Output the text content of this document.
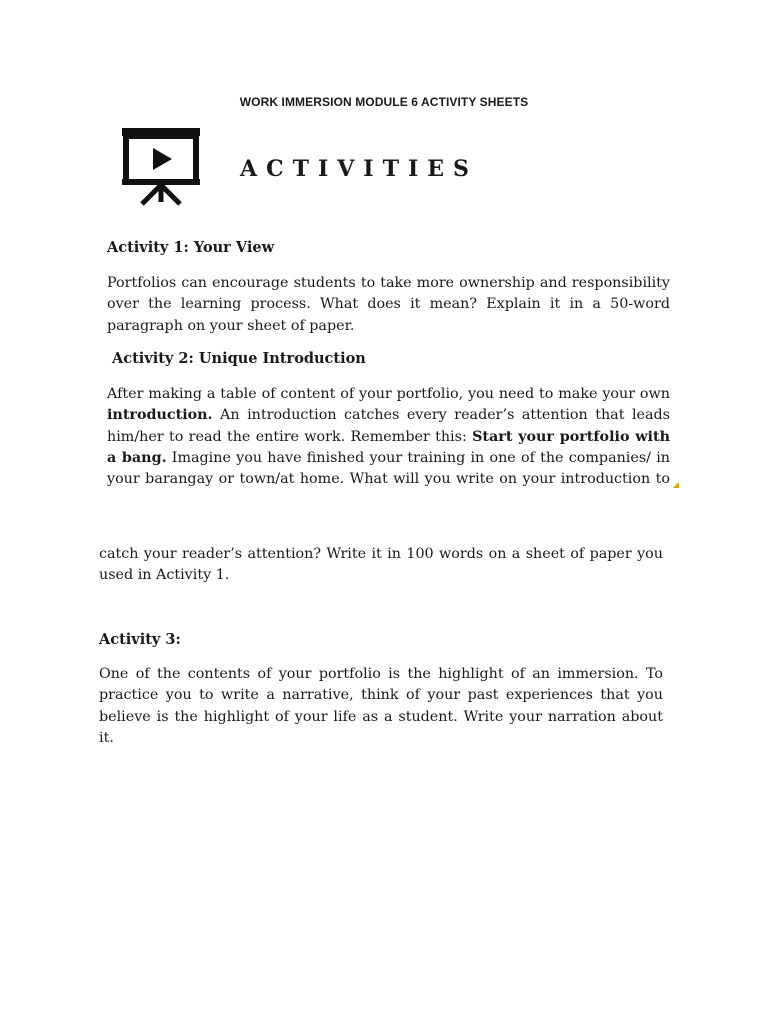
WORK IMMERSION MODULE 6 ACTIVITY SHEETS
ACTIVITIES
Activity 1: Your View
Portfolios can encourage students to take more ownership and responsibility over the learning process. What does it mean? Explain it in a 50-word paragraph on your sheet of paper.
Activity 2: Unique Introduction
After making a table of content of your portfolio, you need to make your own introduction. An introduction catches every reader’s attention that leads him/her to read the entire work. Remember this: Start your portfolio with a bang. Imagine you have finished your training in one of the companies/ in your barangay or town/at home. What will you write on your introduction to
catch your reader’s attention? Write it in 100 words on a sheet of paper you used in Activity 1.
Activity 3:
One of the contents of your portfolio is the highlight of an immersion. To practice you to write a narrative, think of your past experiences that you believe is the highlight of your life as a student. Write your narration about it.
